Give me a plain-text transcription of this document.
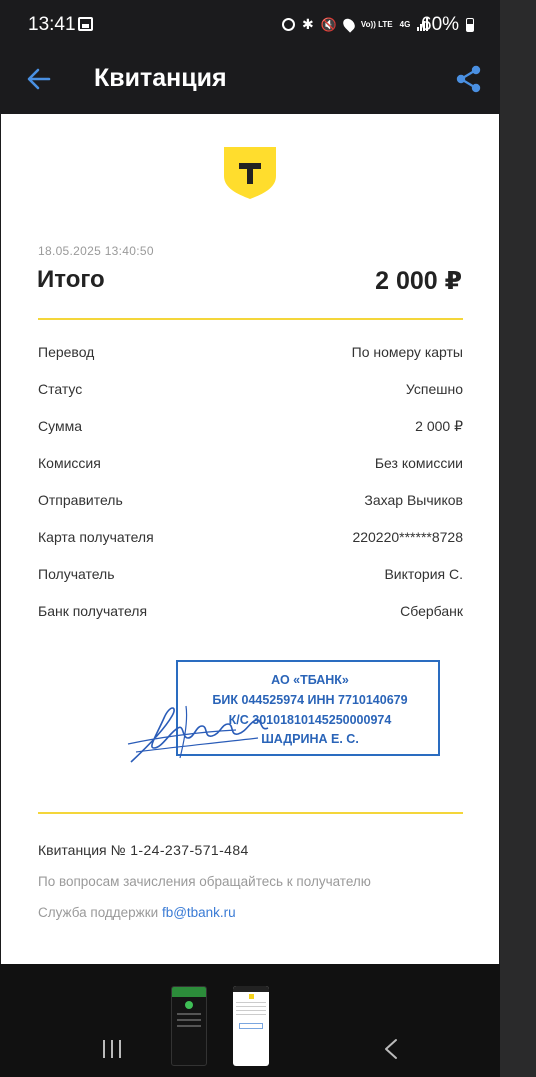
13:41	✱ 🔇	Vo)) LTE 4G 60%
Квитанция
18.05.2025 13:40:50
Итого	2 000 ₽
Перевод	По номеру карты
Статус	Успешно
Сумма	2 000 ₽
Комиссия	Без комиссии
Отправитель	Захар Вычиков
Карта получателя	220220******8728
Получатель	Виктория С.
Банк получателя	Сбербанк
АО «ТБАНК»
БИК 044525974 ИНН 7710140679
К/С 30101810145250000974
ШАДРИНА Е. С.
Квитанция № 1-24-237-571-484
По вопросам зачисления обращайтесь к получателю
Служба поддержки fb@tbank.ru
